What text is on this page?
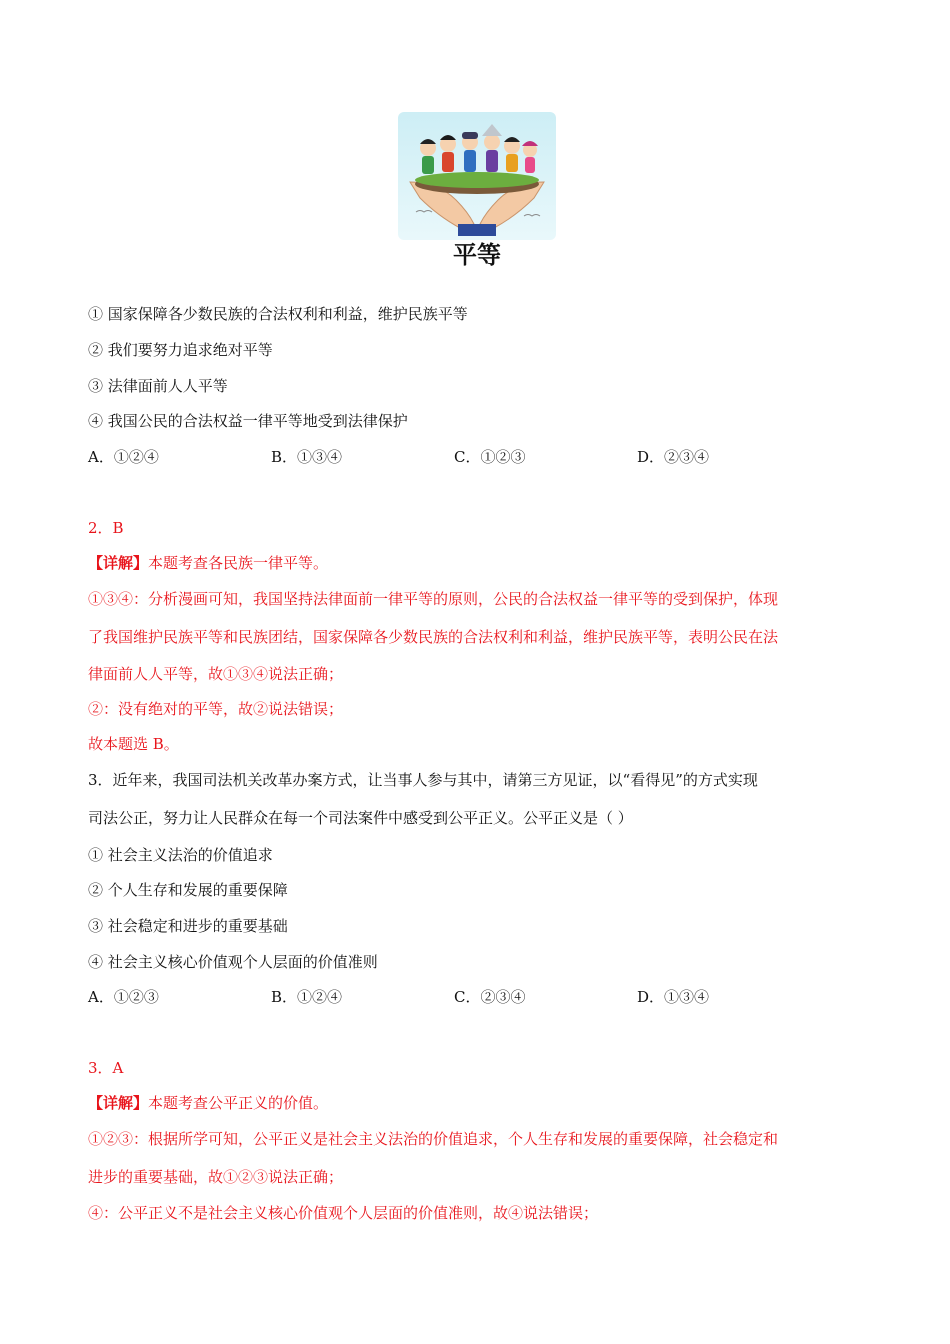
平等
① 国家保障各少数民族的合法权利和利益，维护民族平等
② 我们要努力追求绝对平等
③ 法律面前人人平等
④ 我国公民的合法权益一律平等地受到法律保护
A．①②④	B．①③④	C．①②③	D．②③④
2．B
【详解】本题考查各民族一律平等。
①③④：分析漫画可知，我国坚持法律面前一律平等的原则，公民的合法权益一律平等的受到保护，体现
了我国维护民族平等和民族团结，国家保障各少数民族的合法权利和利益，维护民族平等，表明公民在法
律面前人人平等，故①③④说法正确；
②：没有绝对的平等，故②说法错误；
故本题选 B。
3．近年来，我国司法机关改革办案方式，让当事人参与其中，请第三方见证，以“看得见”的方式实现
司法公正，努力让人民群众在每一个司法案件中感受到公平正义。公平正义是（ ）
① 社会主义法治的价值追求
② 个人生存和发展的重要保障
③ 社会稳定和进步的重要基础
④ 社会主义核心价值观个人层面的价值准则
A．①②③	B．①②④	C．②③④	D．①③④
3．A
【详解】本题考查公平正义的价值。
①②③：根据所学可知，公平正义是社会主义法治的价值追求，个人生存和发展的重要保障，社会稳定和
进步的重要基础，故①②③说法正确；
④：公平正义不是社会主义核心价值观个人层面的价值准则，故④说法错误；
